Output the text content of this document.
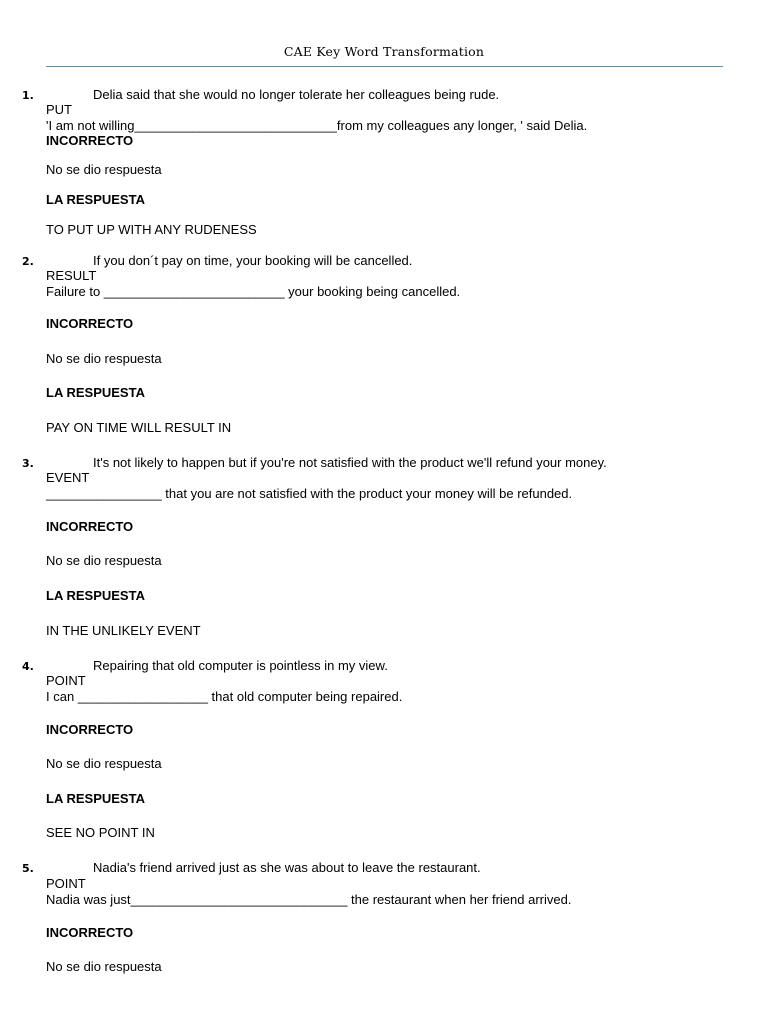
CAE Key Word Transformation
1.	Delia said that she would no longer tolerate her colleagues being rude.
PUT
'I am not willing____________________________from my colleagues any longer, ' said Delia.
INCORRECTO
No se dio respuesta
LA RESPUESTA
TO PUT UP WITH ANY RUDENESS
2.	If you don´t pay on time, your booking will be cancelled.
RESULT
Failure to _________________________ your booking being cancelled.
INCORRECTO
No se dio respuesta
LA RESPUESTA
PAY ON TIME WILL RESULT IN
3.	It's not likely to happen but if you're not satisfied with the product we'll refund your money.
EVENT
________________ that you are not satisfied with the product your money will be refunded.
INCORRECTO
No se dio respuesta
LA RESPUESTA
IN THE UNLIKELY EVENT
4.	Repairing that old computer is pointless in my view.
POINT
I can __________________ that old computer being repaired.
INCORRECTO
No se dio respuesta
LA RESPUESTA
SEE NO POINT IN
5.	Nadia's friend arrived just as she was about to leave the restaurant.
POINT
Nadia was just______________________________ the restaurant when her friend arrived.
INCORRECTO
No se dio respuesta
